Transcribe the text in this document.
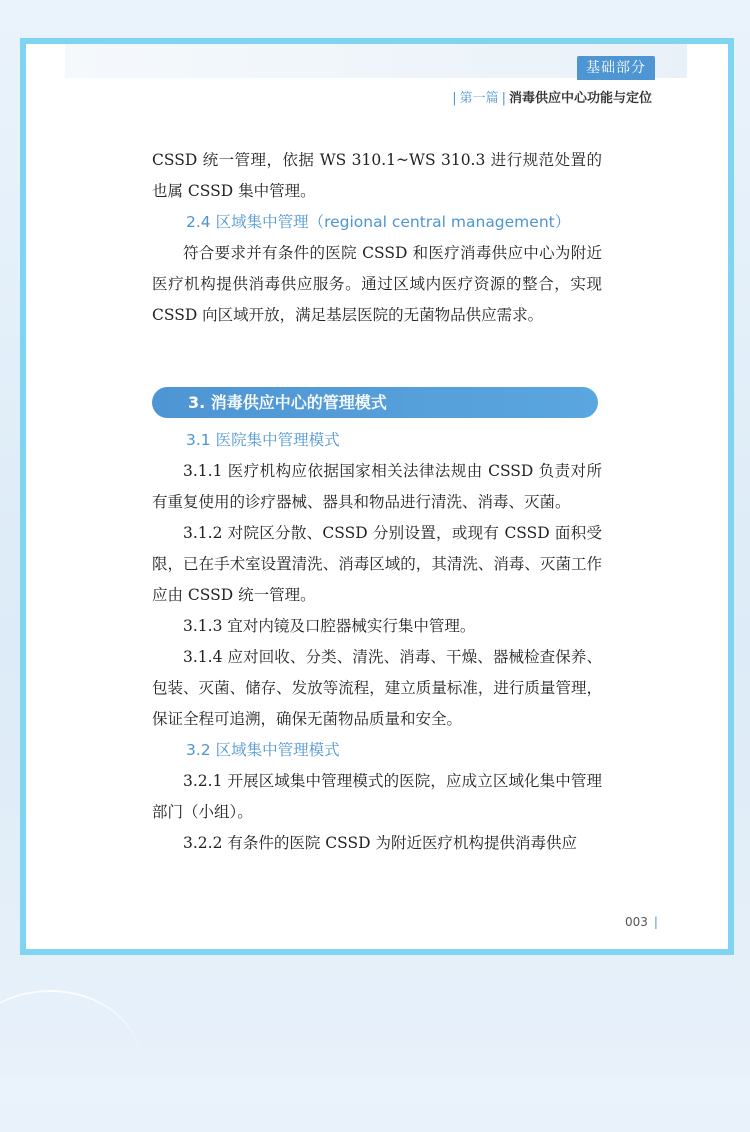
基础部分
| 第一篇 | 消毒供应中心功能与定位

CSSD 统一管理，依据 WS 310.1~WS 310.3 进行规范处置的也属 CSSD 集中管理。

2.4 区域集中管理（regional central management）

符合要求并有条件的医院 CSSD 和医疗消毒供应中心为附近医疗机构提供消毒供应服务。通过区域内医疗资源的整合，实现 CSSD 向区域开放，满足基层医院的无菌物品供应需求。

3. 消毒供应中心的管理模式

3.1 医院集中管理模式

3.1.1 医疗机构应依据国家相关法律法规由 CSSD 负责对所有重复使用的诊疗器械、器具和物品进行清洗、消毒、灭菌。

3.1.2 对院区分散、CSSD 分别设置，或现有 CSSD 面积受限，已在手术室设置清洗、消毒区域的，其清洗、消毒、灭菌工作应由 CSSD 统一管理。

3.1.3 宜对内镜及口腔器械实行集中管理。

3.1.4 应对回收、分类、清洗、消毒、干燥、器械检查保养、包装、灭菌、储存、发放等流程，建立质量标准，进行质量管理，保证全程可追溯，确保无菌物品质量和安全。

3.2 区域集中管理模式

3.2.1 开展区域集中管理模式的医院，应成立区域化集中管理部门（小组）。

3.2.2 有条件的医院 CSSD 为附近医疗机构提供消毒供应

003 |
